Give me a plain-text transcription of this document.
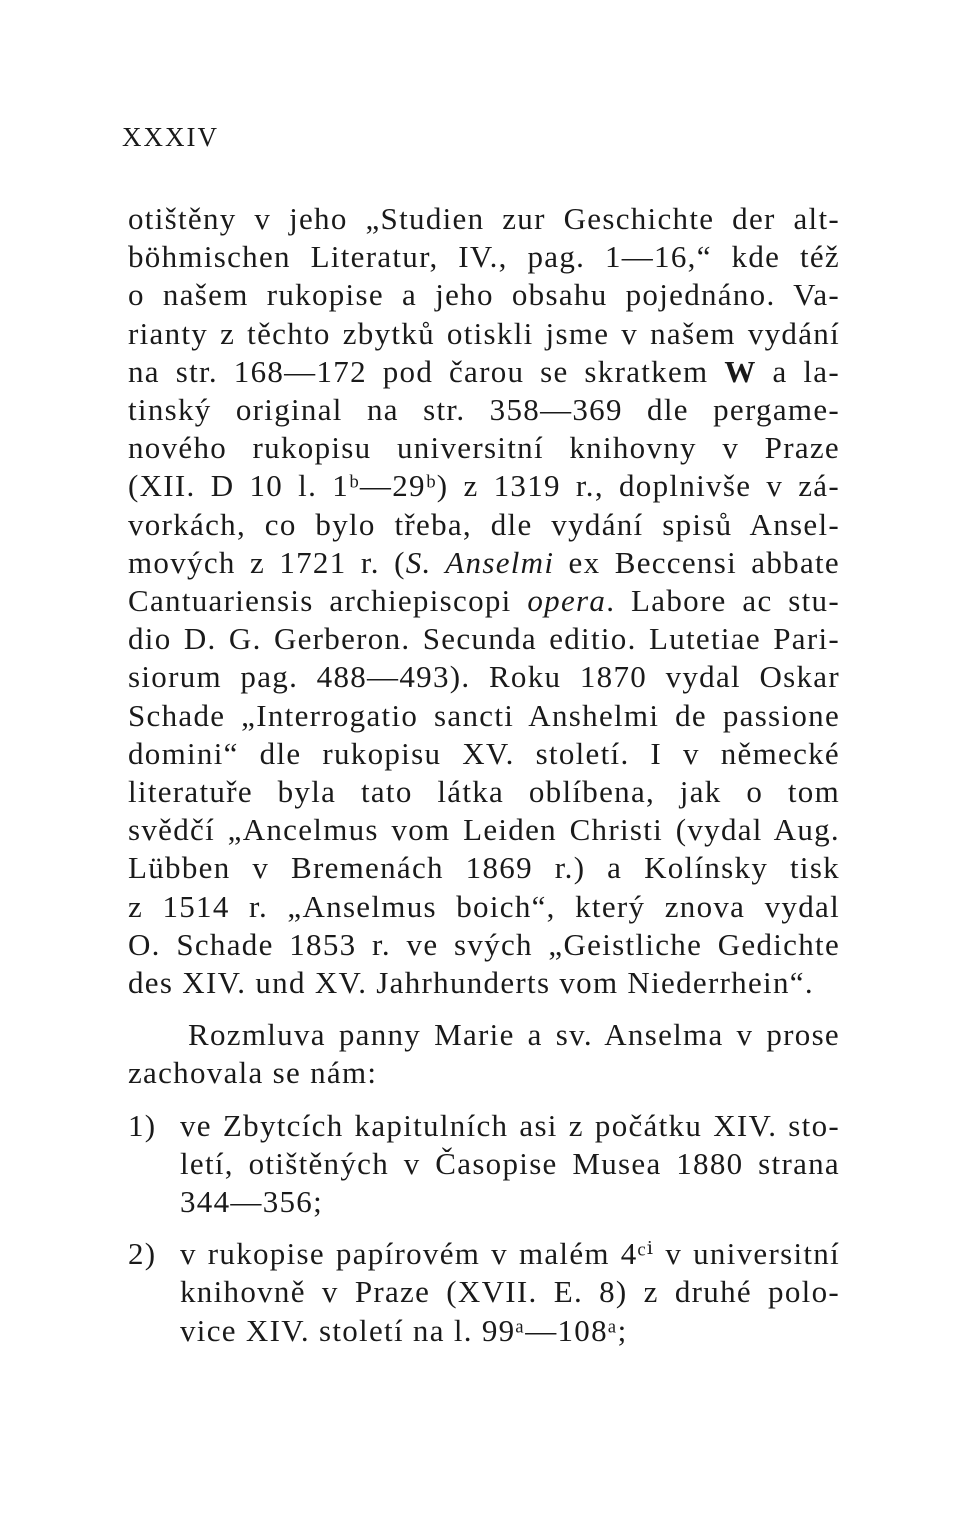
XXXIV
otištěny v jeho „Studien zur Geschichte der alt-
böhmischen Literatur, IV., pag. 1—16,“ kde též
o našem rukopise a jeho obsahu pojednáno. Va-
rianty z těchto zbytků otiskli jsme v našem vydání
na str. 168—172 pod čarou se skratkem W a la-
tinský original na str. 358—369 dle pergame-
nového rukopisu universitní knihovny v Praze
(XII. D 10 l. 1ᵇ—29ᵇ) z 1319 r., doplnivše v zá-
vorkách, co bylo třeba, dle vydání spisů Ansel-
mových z 1721 r. (S. Anselmi ex Beccensi abbate
Cantuariensis archiepiscopi opera. Labore ac stu-
dio D. G. Gerberon. Secunda editio. Lutetiae Pari-
siorum pag. 488—493). Roku 1870 vydal Oskar
Schade „Interrogatio sancti Anshelmi de passione
domini“ dle rukopisu XV. století. I v německé
literatuře byla tato látka oblíbena, jak o tom
svědčí „Ancelmus vom Leiden Christi (vydal Aug.
Lübben v Bremenách 1869 r.) a Kolínsky tisk
z 1514 r. „Anselmus boich“, který znova vydal
O. Schade 1853 r. ve svých „Geistliche Gedichte
des XIV. und XV. Jahrhunderts vom Niederrhein“.
Rozmluva panny Marie a sv. Anselma v prose
zachovala se nám:
1) ve Zbytcích kapitulních asi z počátku XIV. sto-
letí, otištěných v Časopise Musea 1880 strana
344—356;
2) v rukopise papírovém v malém 4ᶜⁱ v universitní
knihovně v Praze (XVII. E. 8) z druhé polo-
vice XIV. století na l. 99ᵃ—108ᵃ;
